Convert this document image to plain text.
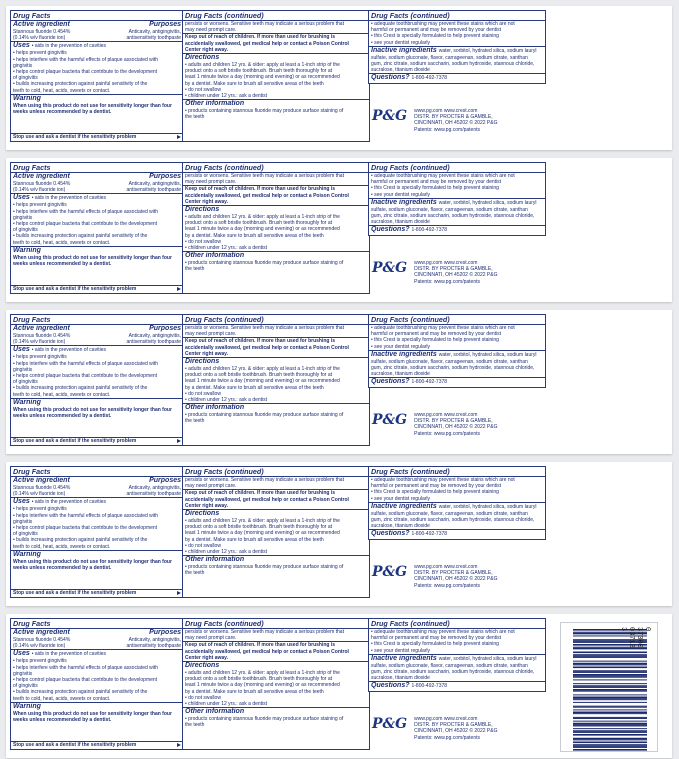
Drug Facts
Active ingredient	Purposes
Stannous fluoride 0.454%	Anticavity, antigingivitis,
(0.14% w/v fluoride ion)	antisensitivity toothpaste
Uses • aids in the prevention of cavities
• helps prevent gingivitis
• helps interfere with the harmful effects of plaque associated with
gingivitis
• helps control plaque bacteria that contribute to the development
of gingivitis
• builds increasing protection against painful sensitivity of the
teeth to cold, heat, acids, sweets or contact.
Warning
When using this product do not use for sensitivity longer than four
weeks unless recommended by a dentist.
Stop use and ask a dentist if the sensitivity problem
Drug Facts (continued)
persists or worsens. Sensitive teeth may indicate a serious problem that
may need prompt care.
Keep out of reach of children. If more than used for brushing is
accidentally swallowed, get medical help or contact a Poison Control
Center right away.
Directions
• adults and children 12 yrs. & older: apply at least a 1-inch strip of the
product onto a soft bristle toothbrush. Brush teeth thoroughly for at
least 1 minute twice a day (morning and evening) or as recommended
by a dentist. Make sure to brush all sensitive areas of the teeth
• do not swallow
• children under 12 yrs.: ask a dentist
Other information
• products containing stannous fluoride may produce surface staining of
the teeth
Drug Facts (continued)
• adequate toothbrushing may prevent these stains which are not
harmful or permanent and may be removed by your dentist
• this Crest is specially formulated to help prevent staining
• see your dentist regularly
Inactive ingredients water, sorbitol, hydrated silica, sodium lauryl
sulfate, sodium gluconate, flavor, carrageenan, sodium citrate, xanthan
gum, zinc citrate, sodium saccharin, sodium hydroxide, stannous chloride,
sucralose, titanium dioxide
Questions? 1-800-492-7378
P&G	www.pg.com www.crest.com
DISTR. BY PROCTER & GAMBLE,
CINCINNATI, OH 45202 © 2022 P&G
Patents: www.pg.com/patents
Drug Facts
Active ingredient	Purposes
Stannous fluoride 0.454%	Anticavity, antigingivitis,
(0.14% w/v fluoride ion)	antisensitivity toothpaste
Uses • aids in the prevention of cavities
• helps prevent gingivitis
• helps interfere with the harmful effects of plaque associated with
gingivitis
• helps control plaque bacteria that contribute to the development
of gingivitis
• builds increasing protection against painful sensitivity of the
teeth to cold, heat, acids, sweets or contact.
Warning
When using this product do not use for sensitivity longer than four
weeks unless recommended by a dentist.
Stop use and ask a dentist if the sensitivity problem
Drug Facts (continued)
persists or worsens. Sensitive teeth may indicate a serious problem that
may need prompt care.
Keep out of reach of children. If more than used for brushing is
accidentally swallowed, get medical help or contact a Poison Control
Center right away.
Directions
• adults and children 12 yrs. & older: apply at least a 1-inch strip of the
product onto a soft bristle toothbrush. Brush teeth thoroughly for at
least 1 minute twice a day (morning and evening) or as recommended
by a dentist. Make sure to brush all sensitive areas of the teeth
• do not swallow
• children under 12 yrs.: ask a dentist
Other information
• products containing stannous fluoride may produce surface staining of
the teeth
Drug Facts (continued)
• adequate toothbrushing may prevent these stains which are not
harmful or permanent and may be removed by your dentist
• this Crest is specially formulated to help prevent staining
• see your dentist regularly
Inactive ingredients water, sorbitol, hydrated silica, sodium lauryl
sulfate, sodium gluconate, flavor, carrageenan, sodium citrate, xanthan
gum, zinc citrate, sodium saccharin, sodium hydroxide, stannous chloride,
sucralose, titanium dioxide
Questions? 1-800-492-7378
P&G	www.pg.com www.crest.com
DISTR. BY PROCTER & GAMBLE,
CINCINNATI, OH 45202 © 2022 P&G
Patents: www.pg.com/patents
Drug Facts
Active ingredient	Purposes
Stannous fluoride 0.454%	Anticavity, antigingivitis,
(0.14% w/v fluoride ion)	antisensitivity toothpaste
Uses • aids in the prevention of cavities
• helps prevent gingivitis
• helps interfere with the harmful effects of plaque associated with
gingivitis
• helps control plaque bacteria that contribute to the development
of gingivitis
• builds increasing protection against painful sensitivity of the
teeth to cold, heat, acids, sweets or contact.
Warning
When using this product do not use for sensitivity longer than four
weeks unless recommended by a dentist.
Stop use and ask a dentist if the sensitivity problem
Drug Facts (continued)
persists or worsens. Sensitive teeth may indicate a serious problem that
may need prompt care.
Keep out of reach of children. If more than used for brushing is
accidentally swallowed, get medical help or contact a Poison Control
Center right away.
Directions
• adults and children 12 yrs. & older: apply at least a 1-inch strip of the
product onto a soft bristle toothbrush. Brush teeth thoroughly for at
least 1 minute twice a day (morning and evening) or as recommended
by a dentist. Make sure to brush all sensitive areas of the teeth
• do not swallow
• children under 12 yrs.: ask a dentist
Other information
• products containing stannous fluoride may produce surface staining of
the teeth
Drug Facts (continued)
• adequate toothbrushing may prevent these stains which are not
harmful or permanent and may be removed by your dentist
• this Crest is specially formulated to help prevent staining
• see your dentist regularly
Inactive ingredients water, sorbitol, hydrated silica, sodium lauryl
sulfate, sodium gluconate, flavor, carrageenan, sodium citrate, xanthan
gum, zinc citrate, sodium saccharin, sodium hydroxide, stannous chloride,
sucralose, titanium dioxide
Questions? 1-800-492-7378
P&G	www.pg.com www.crest.com
DISTR. BY PROCTER & GAMBLE,
CINCINNATI, OH 45202 © 2022 P&G
Patents: www.pg.com/patents
Drug Facts
Active ingredient	Purposes
Stannous fluoride 0.454%	Anticavity, antigingivitis,
(0.14% w/v fluoride ion)	antisensitivity toothpaste
Uses • aids in the prevention of cavities
• helps prevent gingivitis
• helps interfere with the harmful effects of plaque associated with
gingivitis
• helps control plaque bacteria that contribute to the development
of gingivitis
• builds increasing protection against painful sensitivity of the
teeth to cold, heat, acids, sweets or contact.
Warning
When using this product do not use for sensitivity longer than four
weeks unless recommended by a dentist.
Stop use and ask a dentist if the sensitivity problem
Drug Facts (continued)
persists or worsens. Sensitive teeth may indicate a serious problem that
may need prompt care.
Keep out of reach of children. If more than used for brushing is
accidentally swallowed, get medical help or contact a Poison Control
Center right away.
Directions
• adults and children 12 yrs. & older: apply at least a 1-inch strip of the
product onto a soft bristle toothbrush. Brush teeth thoroughly for at
least 1 minute twice a day (morning and evening) or as recommended
by a dentist. Make sure to brush all sensitive areas of the teeth
• do not swallow
• children under 12 yrs.: ask a dentist
Other information
• products containing stannous fluoride may produce surface staining of
the teeth
Drug Facts (continued)
• adequate toothbrushing may prevent these stains which are not
harmful or permanent and may be removed by your dentist
• this Crest is specially formulated to help prevent staining
• see your dentist regularly
Inactive ingredients water, sorbitol, hydrated silica, sodium lauryl
sulfate, sodium gluconate, flavor, carrageenan, sodium citrate, xanthan
gum, zinc citrate, sodium saccharin, sodium hydroxide, stannous chloride,
sucralose, titanium dioxide
Questions? 1-800-492-7378
P&G	www.pg.com www.crest.com
DISTR. BY PROCTER & GAMBLE,
CINCINNATI, OH 45202 © 2022 P&G
Patents: www.pg.com/patents
Drug Facts
Active ingredient	Purposes
Stannous fluoride 0.454%	Anticavity, antigingivitis,
(0.14% w/v fluoride ion)	antisensitivity toothpaste
Uses • aids in the prevention of cavities
• helps prevent gingivitis
• helps interfere with the harmful effects of plaque associated with
gingivitis
• helps control plaque bacteria that contribute to the development
of gingivitis
• builds increasing protection against painful sensitivity of the
teeth to cold, heat, acids, sweets or contact.
Warning
When using this product do not use for sensitivity longer than four
weeks unless recommended by a dentist.
Stop use and ask a dentist if the sensitivity problem
Drug Facts (continued)
persists or worsens. Sensitive teeth may indicate a serious problem that
may need prompt care.
Keep out of reach of children. If more than used for brushing is
accidentally swallowed, get medical help or contact a Poison Control
Center right away.
Directions
• adults and children 12 yrs. & older: apply at least a 1-inch strip of the
product onto a soft bristle toothbrush. Brush teeth thoroughly for at
least 1 minute twice a day (morning and evening) or as recommended
by a dentist. Make sure to brush all sensitive areas of the teeth
• do not swallow
• children under 12 yrs.: ask a dentist
Other information
• products containing stannous fluoride may produce surface staining of
the teeth
Drug Facts (continued)
• adequate toothbrushing may prevent these stains which are not
harmful or permanent and may be removed by your dentist
• this Crest is specially formulated to help prevent staining
• see your dentist regularly
Inactive ingredients water, sorbitol, hydrated silica, sodium lauryl
sulfate, sodium gluconate, flavor, carrageenan, sodium citrate, xanthan
gum, zinc citrate, sodium saccharin, sodium hydroxide, stannous chloride,
sucralose, titanium dioxide
Questions? 1-800-492-7378
P&G	www.pg.com www.crest.com
DISTR. BY PROCTER & GAMBLE,
CINCINNATI, OH 45202 © 2022 P&G
Patents: www.pg.com/patents
0 37000 03713 3
